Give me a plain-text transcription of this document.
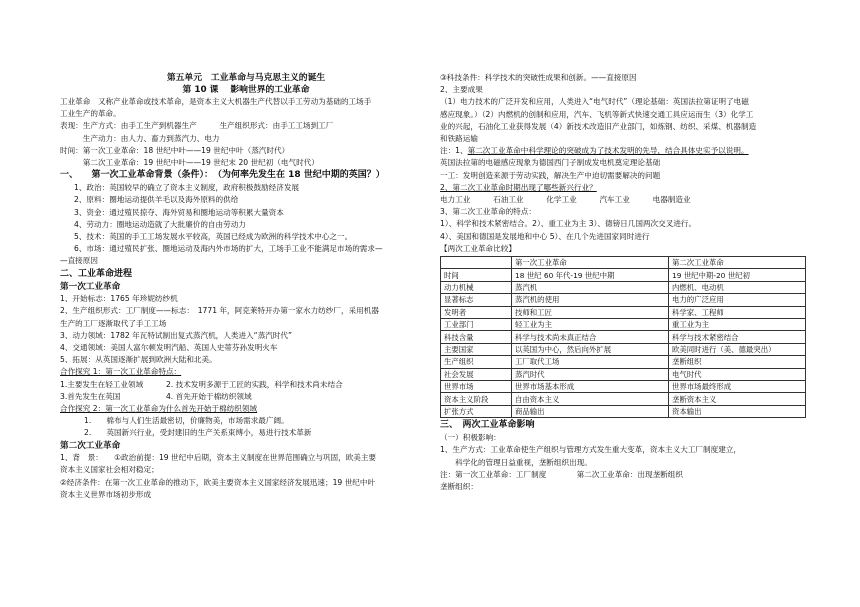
第五单元　工业革命与马克思主义的诞生
第 10 课　 影响世界的工业革命
工业革命　又称产业革命或技术革命，是资本主义大机器生产代替以手工劳动为基础的工场手
工业生产的革命。
表现：生产方式：由手工生产到机器生产　　　生产组织形式：由手工工场到工厂
　　　生产动力：由人力、畜力到蒸汽力、电力
时间：第一次工业革命：18 世纪中叶——19 世纪中叶（蒸汽时代）
　　　第二次工业革命：19 世纪中叶——19 世纪末 20 世纪初（电气时代）
一、　　第一次工业革命背景（条件）：　（为何率先发生在 18 世纪中期的英国？）
1、政治：英国较早的确立了资本主义制度，政府积极鼓励经济发展
2、原料：圈地运动提供羊毛以及海外原料的供给
3、资金：通过殖民掠夺、海外贸易和圈地运动等积累大量资本
4、劳动力：圈地运动造就了大批廉价的自由劳动力
5、技术：英国的手工工场发展水平较高，英国已经成为欧洲的科学技术中心之一。
6、市场：通过殖民扩张、圈地运动及海内外市场的扩大，工场手工业不能满足市场的需求—
—直接原因
二、工业革命进程
第一次工业革命
1、开始标志：1765 年珍妮纺纱机
2、生产组织形式：工厂制度——标志：　1771 年，阿克莱特开办第一家水力纺纱厂，采用机器
生产的工厂逐渐取代了手工工场
3、动力领域：1782 年瓦特试制出复式蒸汽机，人类进入“蒸汽时代”
4、交通领域：美国人富尔顿发明汽船、英国人史蒂芬孙发明火车
5、拓展：从英国逐渐扩展到欧洲大陆和北美。
合作探究 1：第一次工业革命特点：
1.主要发生在轻工业领域　　　2. 技术发明多源于工匠的实践，科学和技术尚未结合
3.首先发生在英国　　　　　　4. 首先开始于棉纺织领域
合作探究 2：第一次工业革命为什么首先开始于棉纺织领域
1.　　棉布与人们生活最密切，价廉物美，市场需求最广阔。
2.　　英国新兴行业，受封建旧的生产关系束缚小，易进行技术革新
第二次工业革命
1、背　景：　　①政治前提：19 世纪中后期，资本主义制度在世界范围确立与巩固，欧美主要
资本主义国家社会相对稳定；
②经济条件：在第一次工业革命的推动下，欧美主要资本主义国家经济发展迅速；19 世纪中叶
资本主义世界市场初步形成
③科技条件：科学技术的突破性成果和创新。——直接原因
2、主要成果
（1）电力技术的广泛开发和应用，人类进入“电气时代”（理论基础：英国法拉第证明了电磁
感应现象。）（2）内燃机的创制和应用，汽车、飞机等新式快速交通工具应运而生（3）化学工
业的兴起，石油化工业获得发展（4）新技术改造旧产业部门，如炼钢、纺织、采煤、机器制造
和铁路运输
注：1、第二次工业革命中科学理论的突破成为了技术发明的先导，结合具体史实予以说明。
英国法拉第的电磁感应现象为德国西门子制成发电机奠定理论基础
一工：发明创造来源于劳动实践，解决生产中迫切需要解决的问题
2、第二次工业革命时期出现了哪些新兴行业？
电力工业　　　石油工业　　　化学工业　　　汽车工业　　　电器制造业
3、第二次工业革命的特点：
1）、科学和技术紧密结合。2）、重工业为主 3）、德镑日几国两次交叉进行。
4）、美国和德国是发展地和中心 5）、在几个先进国家同时进行
【两次工业革命比较】
	第一次工业革命	第二次工业革命
时间	18 世纪 60 年代-19 世纪中期	19 世纪中期-20 世纪初
动力机械	蒸汽机	内燃机、电动机
显著标志	蒸汽机的使用	电力的广泛应用
发明者	技师和工匠	科学家、工程师
工业部门	轻工业为主	重工业为主
科技含量	科学与技术尚未真正结合	科学与技术紧密结合
主要国家	以英国为中心，然后向外扩展	欧美同时进行（美、德最突出）
生产组织	工厂取代工场	垄断组织
社会发展	蒸汽时代	电气时代
世界市场	世界市场基本形成	世界市场最终形成
资本主义阶段	自由资本主义	垄断资本主义
扩张方式	商品输出	资本输出
三、　两次工业革命影响
（一）积极影响：
1、生产方式：工业革命使生产组织与管理方式发生重大变革，资本主义大工厂制度建立，
　　科学化的管理日益重视，垄断组织出现。
注：第一次工业革命：工厂制度　　　　第二次工业革命：出现垄断组织
垄断组织：
